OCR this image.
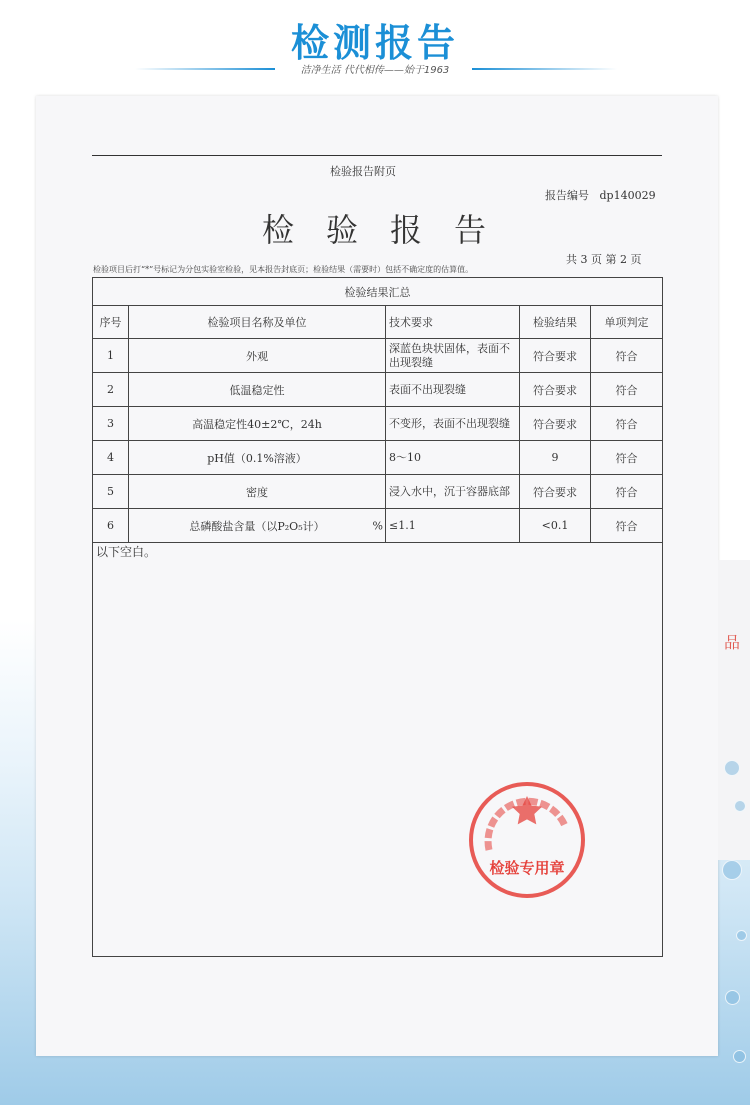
检测报告
洁净生活 代代相传——始于1963
品
检验报告附页
报告编号   dp140029
检验报告
共 3 页 第 2 页
检验项目后打“*”号标记为分包实验室检验，见本报告封底页；检验结果（需要时）包括不确定度的估算值。
检验结果汇总				
序号	检验项目名称及单位	技术要求	检验结果	单项判定
1	外观	深蓝色块状固体，表面不出现裂缝	符合要求	符合
2	低温稳定性	表面不出现裂缝	符合要求	符合
3	高温稳定性40±2℃，24h	不变形，表面不出现裂缝	符合要求	符合
4	pH值（0.1%溶液）	8～10	9	符合
5	密度	浸入水中，沉于容器底部	符合要求	符合
6	总磷酸盐含量（以P₂O₅计） %	≤1.1	<0.1	符合
以下空白。				
检验专用章
